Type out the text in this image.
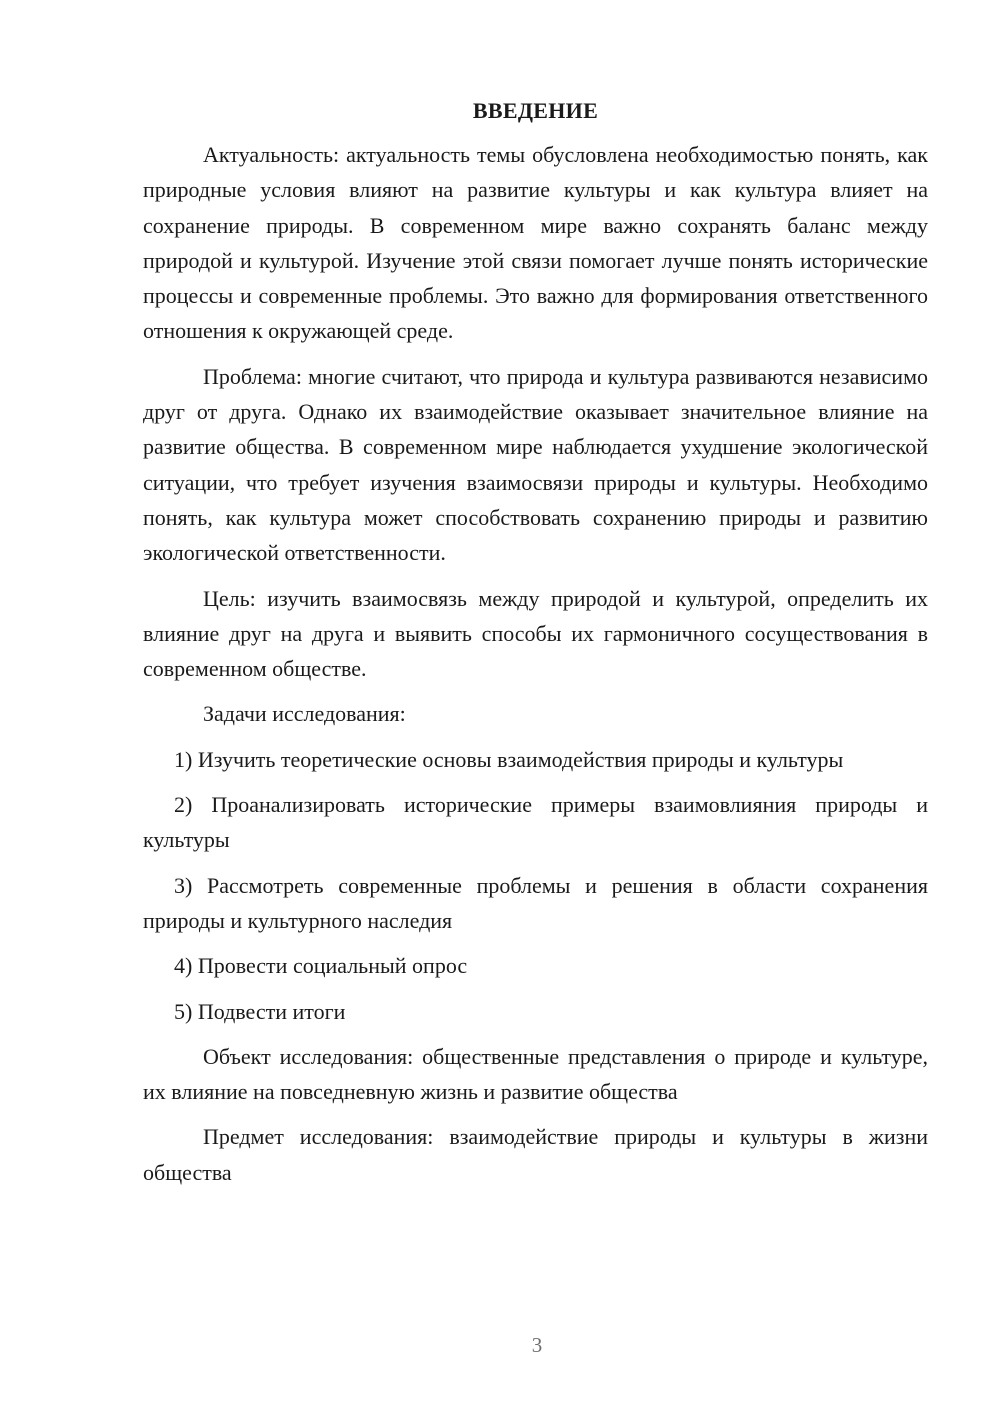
ВВЕДЕНИЕ

Актуальность: актуальность темы обусловлена необходимостью понять, как природные условия влияют на развитие культуры и как культура влияет на сохранение природы. В современном мире важно сохранять баланс между природой и культурой. Изучение этой связи помогает лучше понять исторические процессы и современные проблемы. Это важно для формирования ответственного отношения к окружающей среде.

Проблема: многие считают, что природа и культура развиваются независимо друг от друга. Однако их взаимодействие оказывает значительное влияние на развитие общества. В современном мире наблюдается ухудшение экологической ситуации, что требует изучения взаимосвязи природы и культуры. Необходимо понять, как культура может способствовать сохранению природы и развитию экологической ответственности.

Цель: изучить взаимосвязь между природой и культурой, определить их влияние друг на друга и выявить способы их гармоничного сосуществования в современном обществе.

Задачи исследования:

1) Изучить теоретические основы взаимодействия природы и культуры

2) Проанализировать исторические примеры взаимовлияния природы и культуры

3) Рассмотреть современные проблемы и решения в области сохранения природы и культурного наследия

4) Провести социальный опрос

5) Подвести итоги

Объект исследования: общественные представления о природе и культуре, их влияние на повседневную жизнь и развитие общества

Предмет исследования: взаимодействие природы и культуры в жизни общества

3
